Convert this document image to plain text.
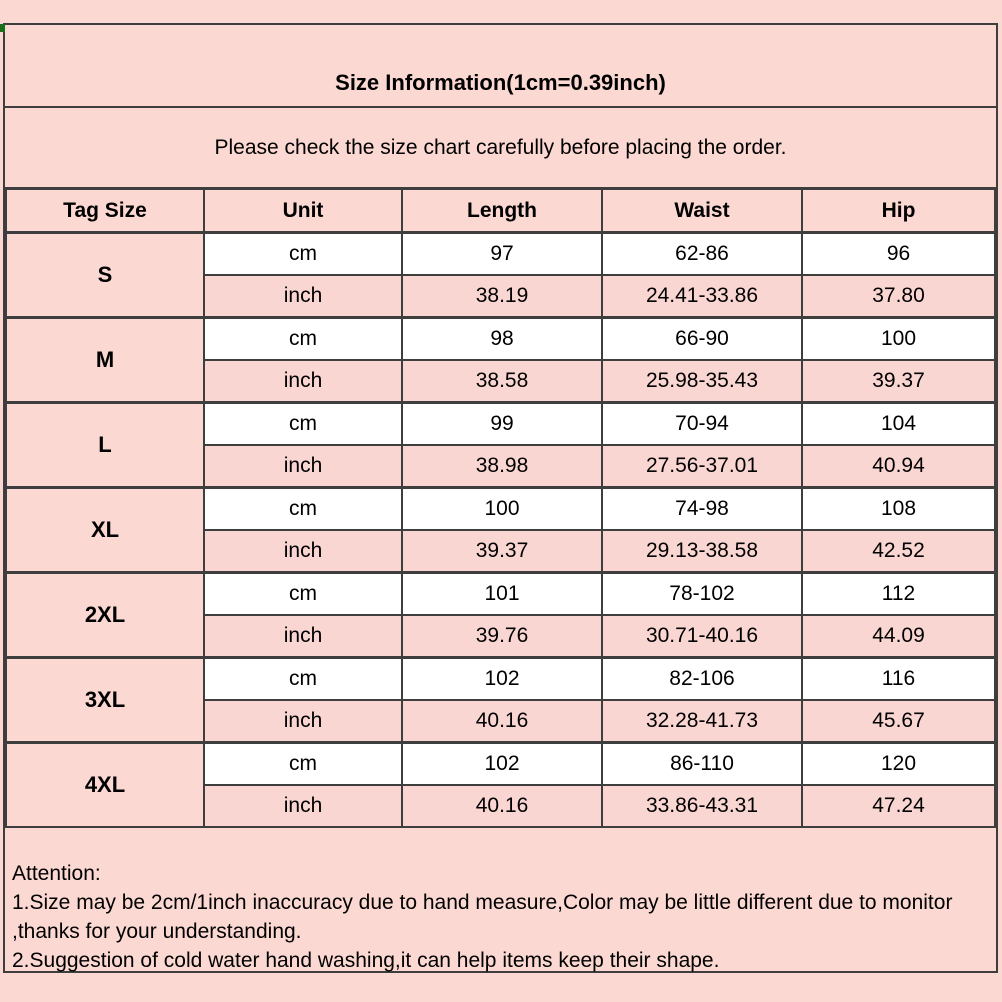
Size Information(1cm=0.39inch)
Please check the size chart carefully before placing the order.
Tag Size	Unit	Length	Waist	Hip
S	cm	97	62-86	96
	inch	38.19	24.41-33.86	37.80
M	cm	98	66-90	100
	inch	38.58	25.98-35.43	39.37
L	cm	99	70-94	104
	inch	38.98	27.56-37.01	40.94
XL	cm	100	74-98	108
	inch	39.37	29.13-38.58	42.52
2XL	cm	101	78-102	112
	inch	39.76	30.71-40.16	44.09
3XL	cm	102	82-106	116
	inch	40.16	32.28-41.73	45.67
4XL	cm	102	86-110	120
	inch	40.16	33.86-43.31	47.24
Attention:
1.Size may be 2cm/1inch inaccuracy due to hand measure,Color may be little different due to monitor
,thanks for your understanding.
2.Suggestion of cold water hand washing,it can help items keep their shape.
